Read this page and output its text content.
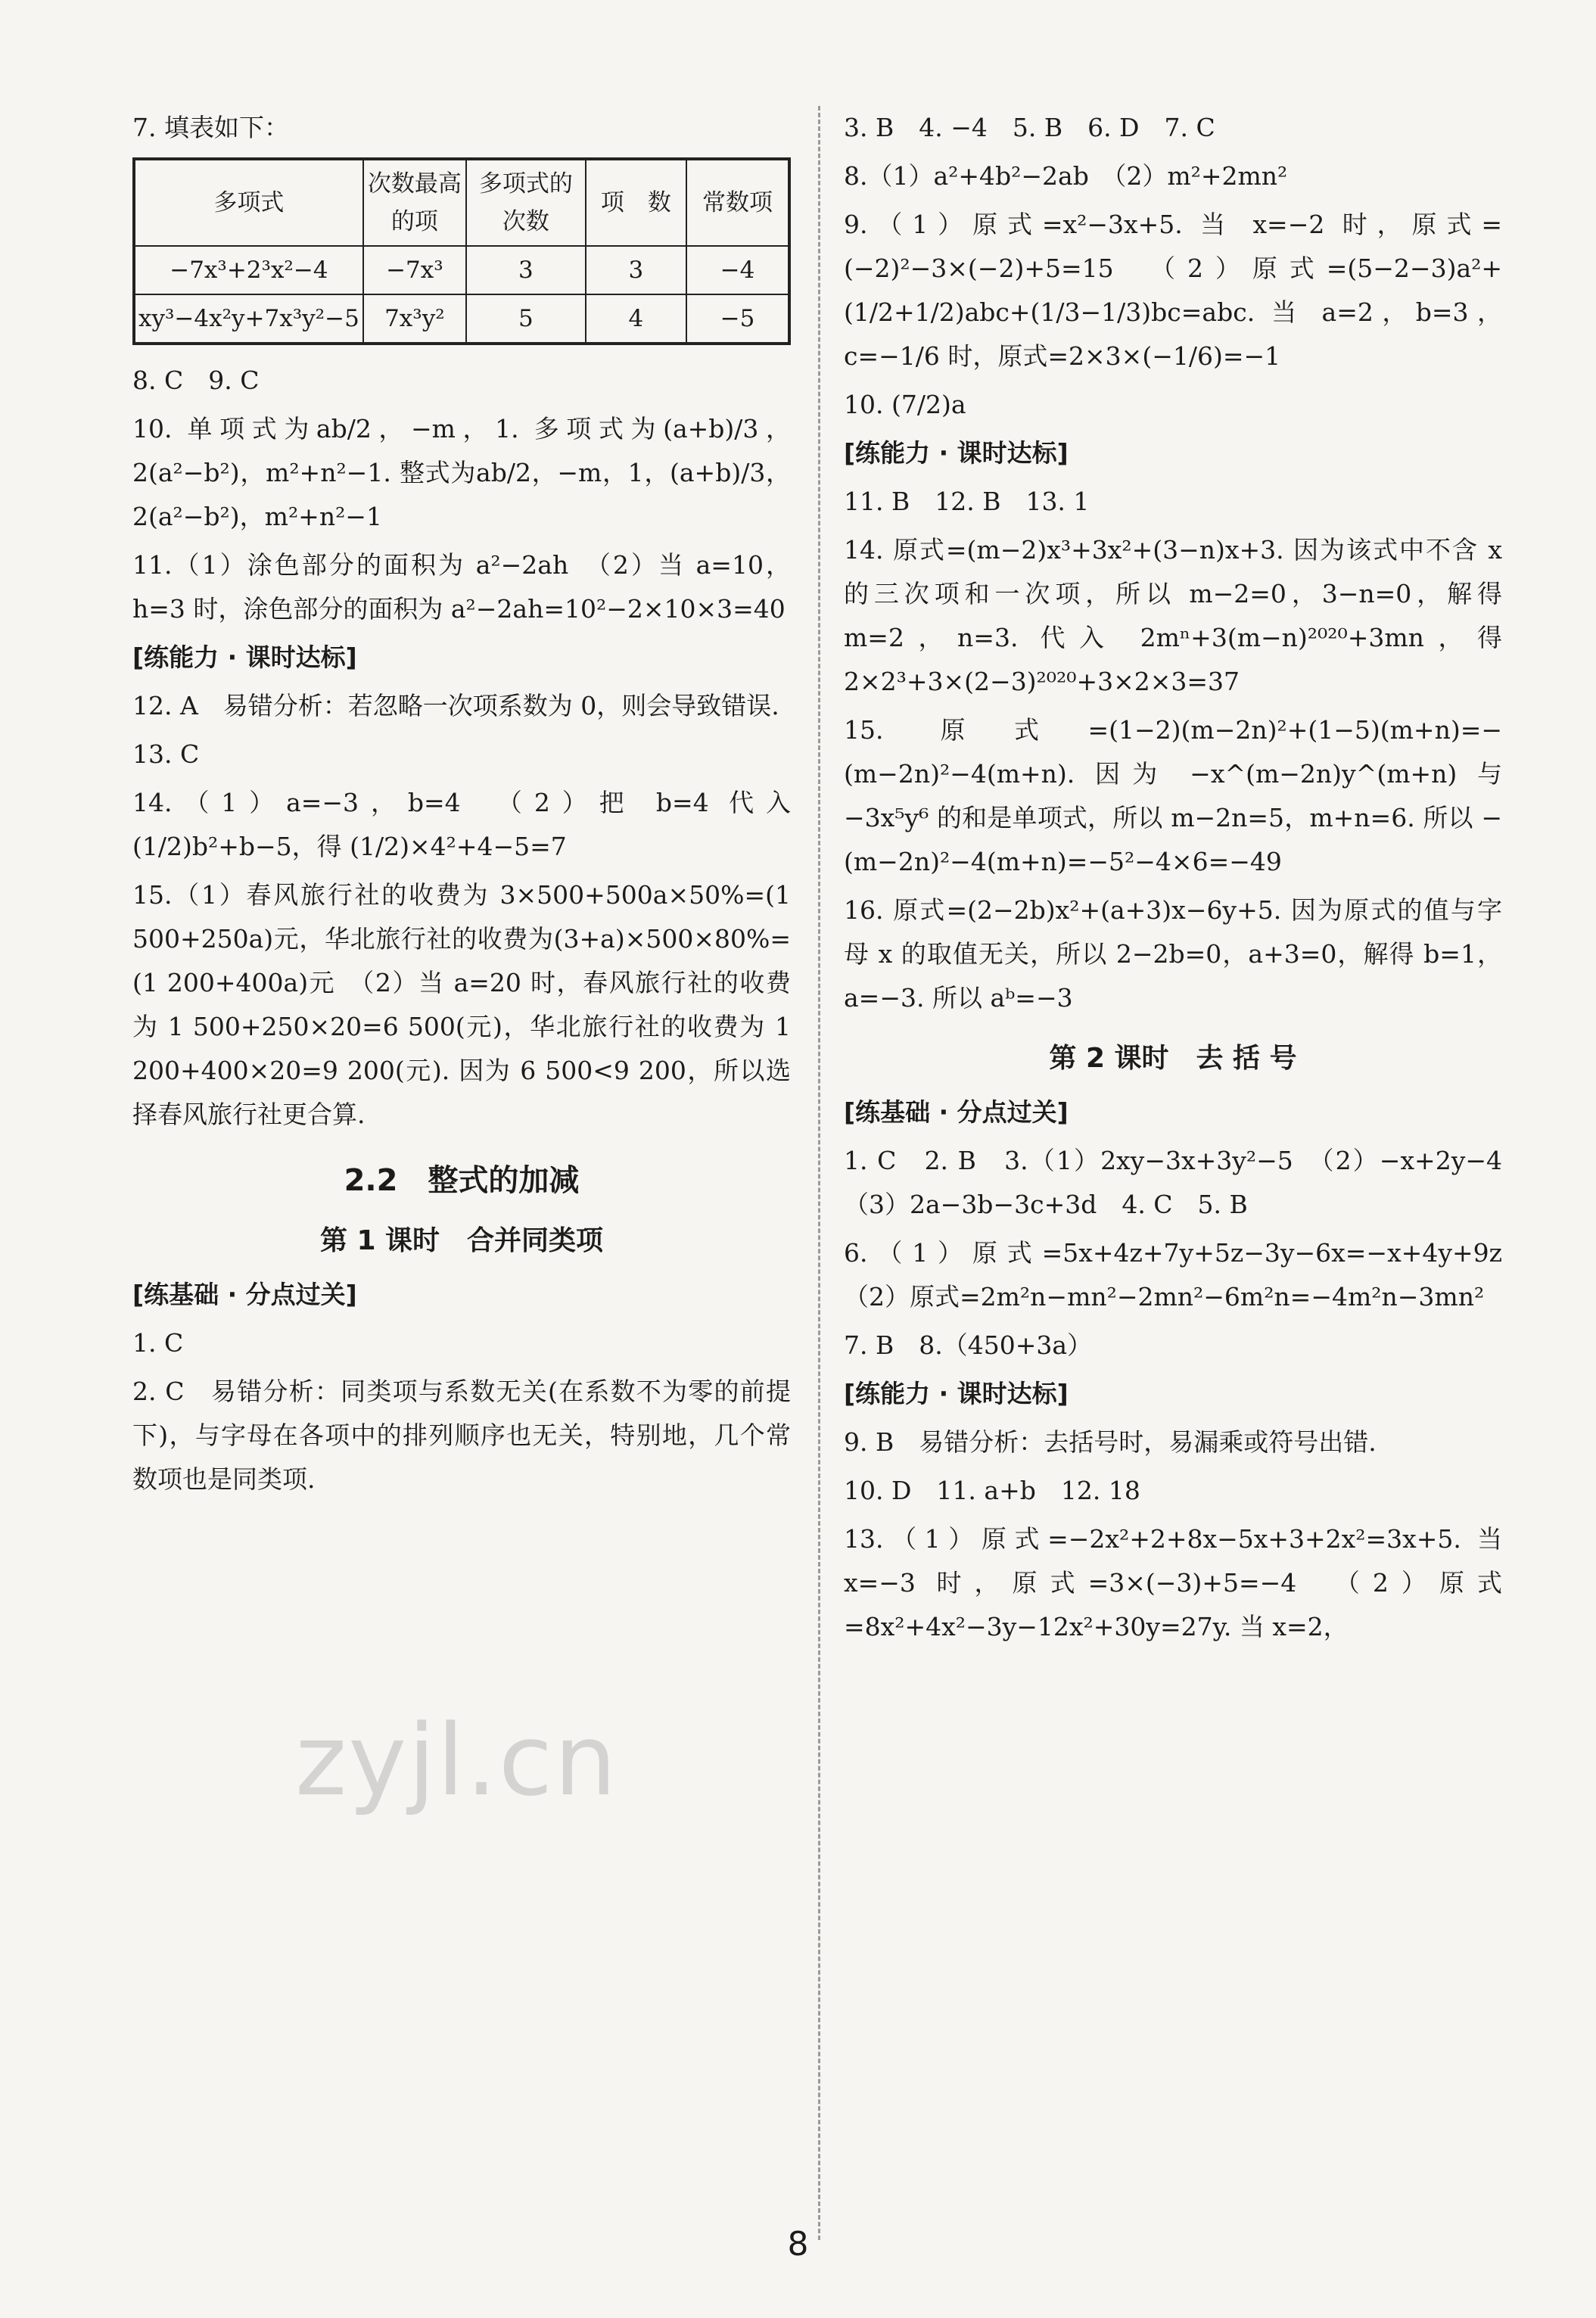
7. 填表如下：
多项式	次数最高的项	多项式的次数	项　数	常数项
−7x³+2³x²−4	−7x³	3	3	−4
xy³−4x²y+7x³y²−5	7x³y²	5	4	−5
8. C　9. C
10. 单项式为ab/2，−m，1. 多项式为(a+b)/3，2(a²−b²)，m²+n²−1. 整式为ab/2，−m，1，(a+b)/3，2(a²−b²)，m²+n²−1
11.（1）涂色部分的面积为 a²−2ah　（2）当 a=10，h=3 时，涂色部分的面积为 a²−2ah=10²−2×10×3=40
[练能力 · 课时达标]
12. A　易错分析：若忽略一次项系数为 0，则会导致错误.
13. C
14.（1）a=−3，b=4　（2）把 b=4 代入 (1/2)b²+b−5，得 (1/2)×4²+4−5=7
15.（1）春风旅行社的收费为 3×500+500a×50%=(1 500+250a)元，华北旅行社的收费为(3+a)×500×80%=(1 200+400a)元　（2）当 a=20 时，春风旅行社的收费为 1 500+250×20=6 500(元)，华北旅行社的收费为 1 200+400×20=9 200(元). 因为 6 500<9 200，所以选择春风旅行社更合算.
2.2　整式的加减
第 1 课时　合并同类项
[练基础 · 分点过关]
1. C
2. C　易错分析：同类项与系数无关(在系数不为零的前提下)，与字母在各项中的排列顺序也无关，特别地，几个常数项也是同类项.
3. B　4. −4　5. B　6. D　7. C
8.（1）a²+4b²−2ab　（2）m²+2mn²
9.（1）原式=x²−3x+5. 当 x=−2 时，原式=(−2)²−3×(−2)+5=15　（2）原式=(5−2−3)a²+(1/2+1/2)abc+(1/3−1/3)bc=abc. 当 a=2，b=3，c=−1/6 时，原式=2×3×(−1/6)=−1
10. (7/2)a
[练能力 · 课时达标]
11. B　12. B　13. 1
14. 原式=(m−2)x³+3x²+(3−n)x+3. 因为该式中不含 x 的三次项和一次项，所以 m−2=0，3−n=0，解得 m=2，n=3. 代入 2mⁿ+3(m−n)²⁰²⁰+3mn，得 2×2³+3×(2−3)²⁰²⁰+3×2×3=37
15. 原式=(1−2)(m−2n)²+(1−5)(m+n)=−(m−2n)²−4(m+n). 因为 −x^(m−2n)y^(m+n) 与 −3x⁵y⁶ 的和是单项式，所以 m−2n=5，m+n=6. 所以 −(m−2n)²−4(m+n)=−5²−4×6=−49
16. 原式=(2−2b)x²+(a+3)x−6y+5. 因为原式的值与字母 x 的取值无关，所以 2−2b=0，a+3=0，解得 b=1，a=−3. 所以 aᵇ=−3
第 2 课时　去 括 号
[练基础 · 分点过关]
1. C　2. B　3.（1）2xy−3x+3y²−5　（2）−x+2y−4　（3）2a−3b−3c+3d　4. C　5. B
6.（1）原式=5x+4z+7y+5z−3y−6x=−x+4y+9z　（2）原式=2m²n−mn²−2mn²−6m²n=−4m²n−3mn²
7. B　8.（450+3a）
[练能力 · 课时达标]
9. B　易错分析：去括号时，易漏乘或符号出错.
10. D　11. a+b　12. 18
13.（1）原式=−2x²+2+8x−5x+3+2x²=3x+5. 当 x=−3 时，原式=3×(−3)+5=−4　（2）原式=8x²+4x²−3y−12x²+30y=27y. 当 x=2，
zyjl.cn
8
